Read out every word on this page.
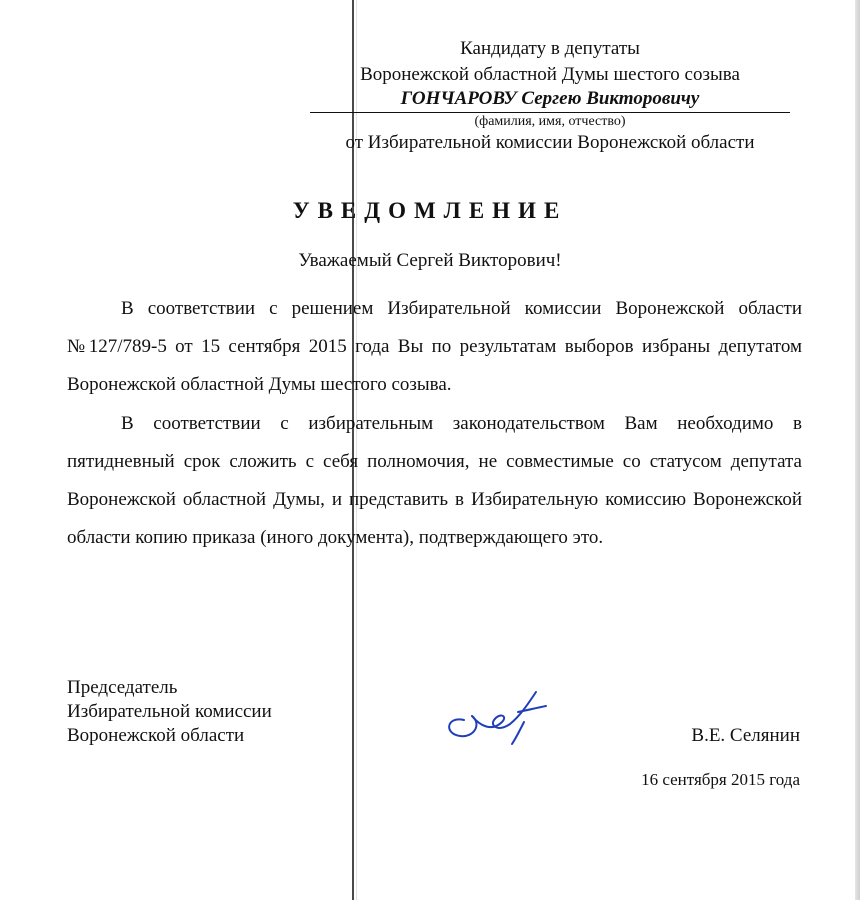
Кандидату в депутаты
Воронежской областной Думы шестого созыва
ГОНЧАРОВУ Сергею Викторовичу
(фамилия, имя, отчество)
от Избирательной комиссии Воронежской области
УВЕДОМЛЕНИЕ
Уважаемый Сергей Викторович!

В соответствии с решением Избирательной комиссии Воронежской области №127/789-5 от 15 сентября 2015 года Вы по результатам выборов избраны депутатом Воронежской областной Думы шестого созыва.

В соответствии с избирательным законодательством Вам необходимо в пятидневный срок сложить с себя полномочия, не совместимые со статусом депутата Воронежской областной Думы, и представить в Избирательную комиссию Воронежской области копию приказа (иного документа), подтверждающего это.

Председатель
Избирательной комиссии
Воронежской области	В.Е. Селянин
16 сентября 2015 года
